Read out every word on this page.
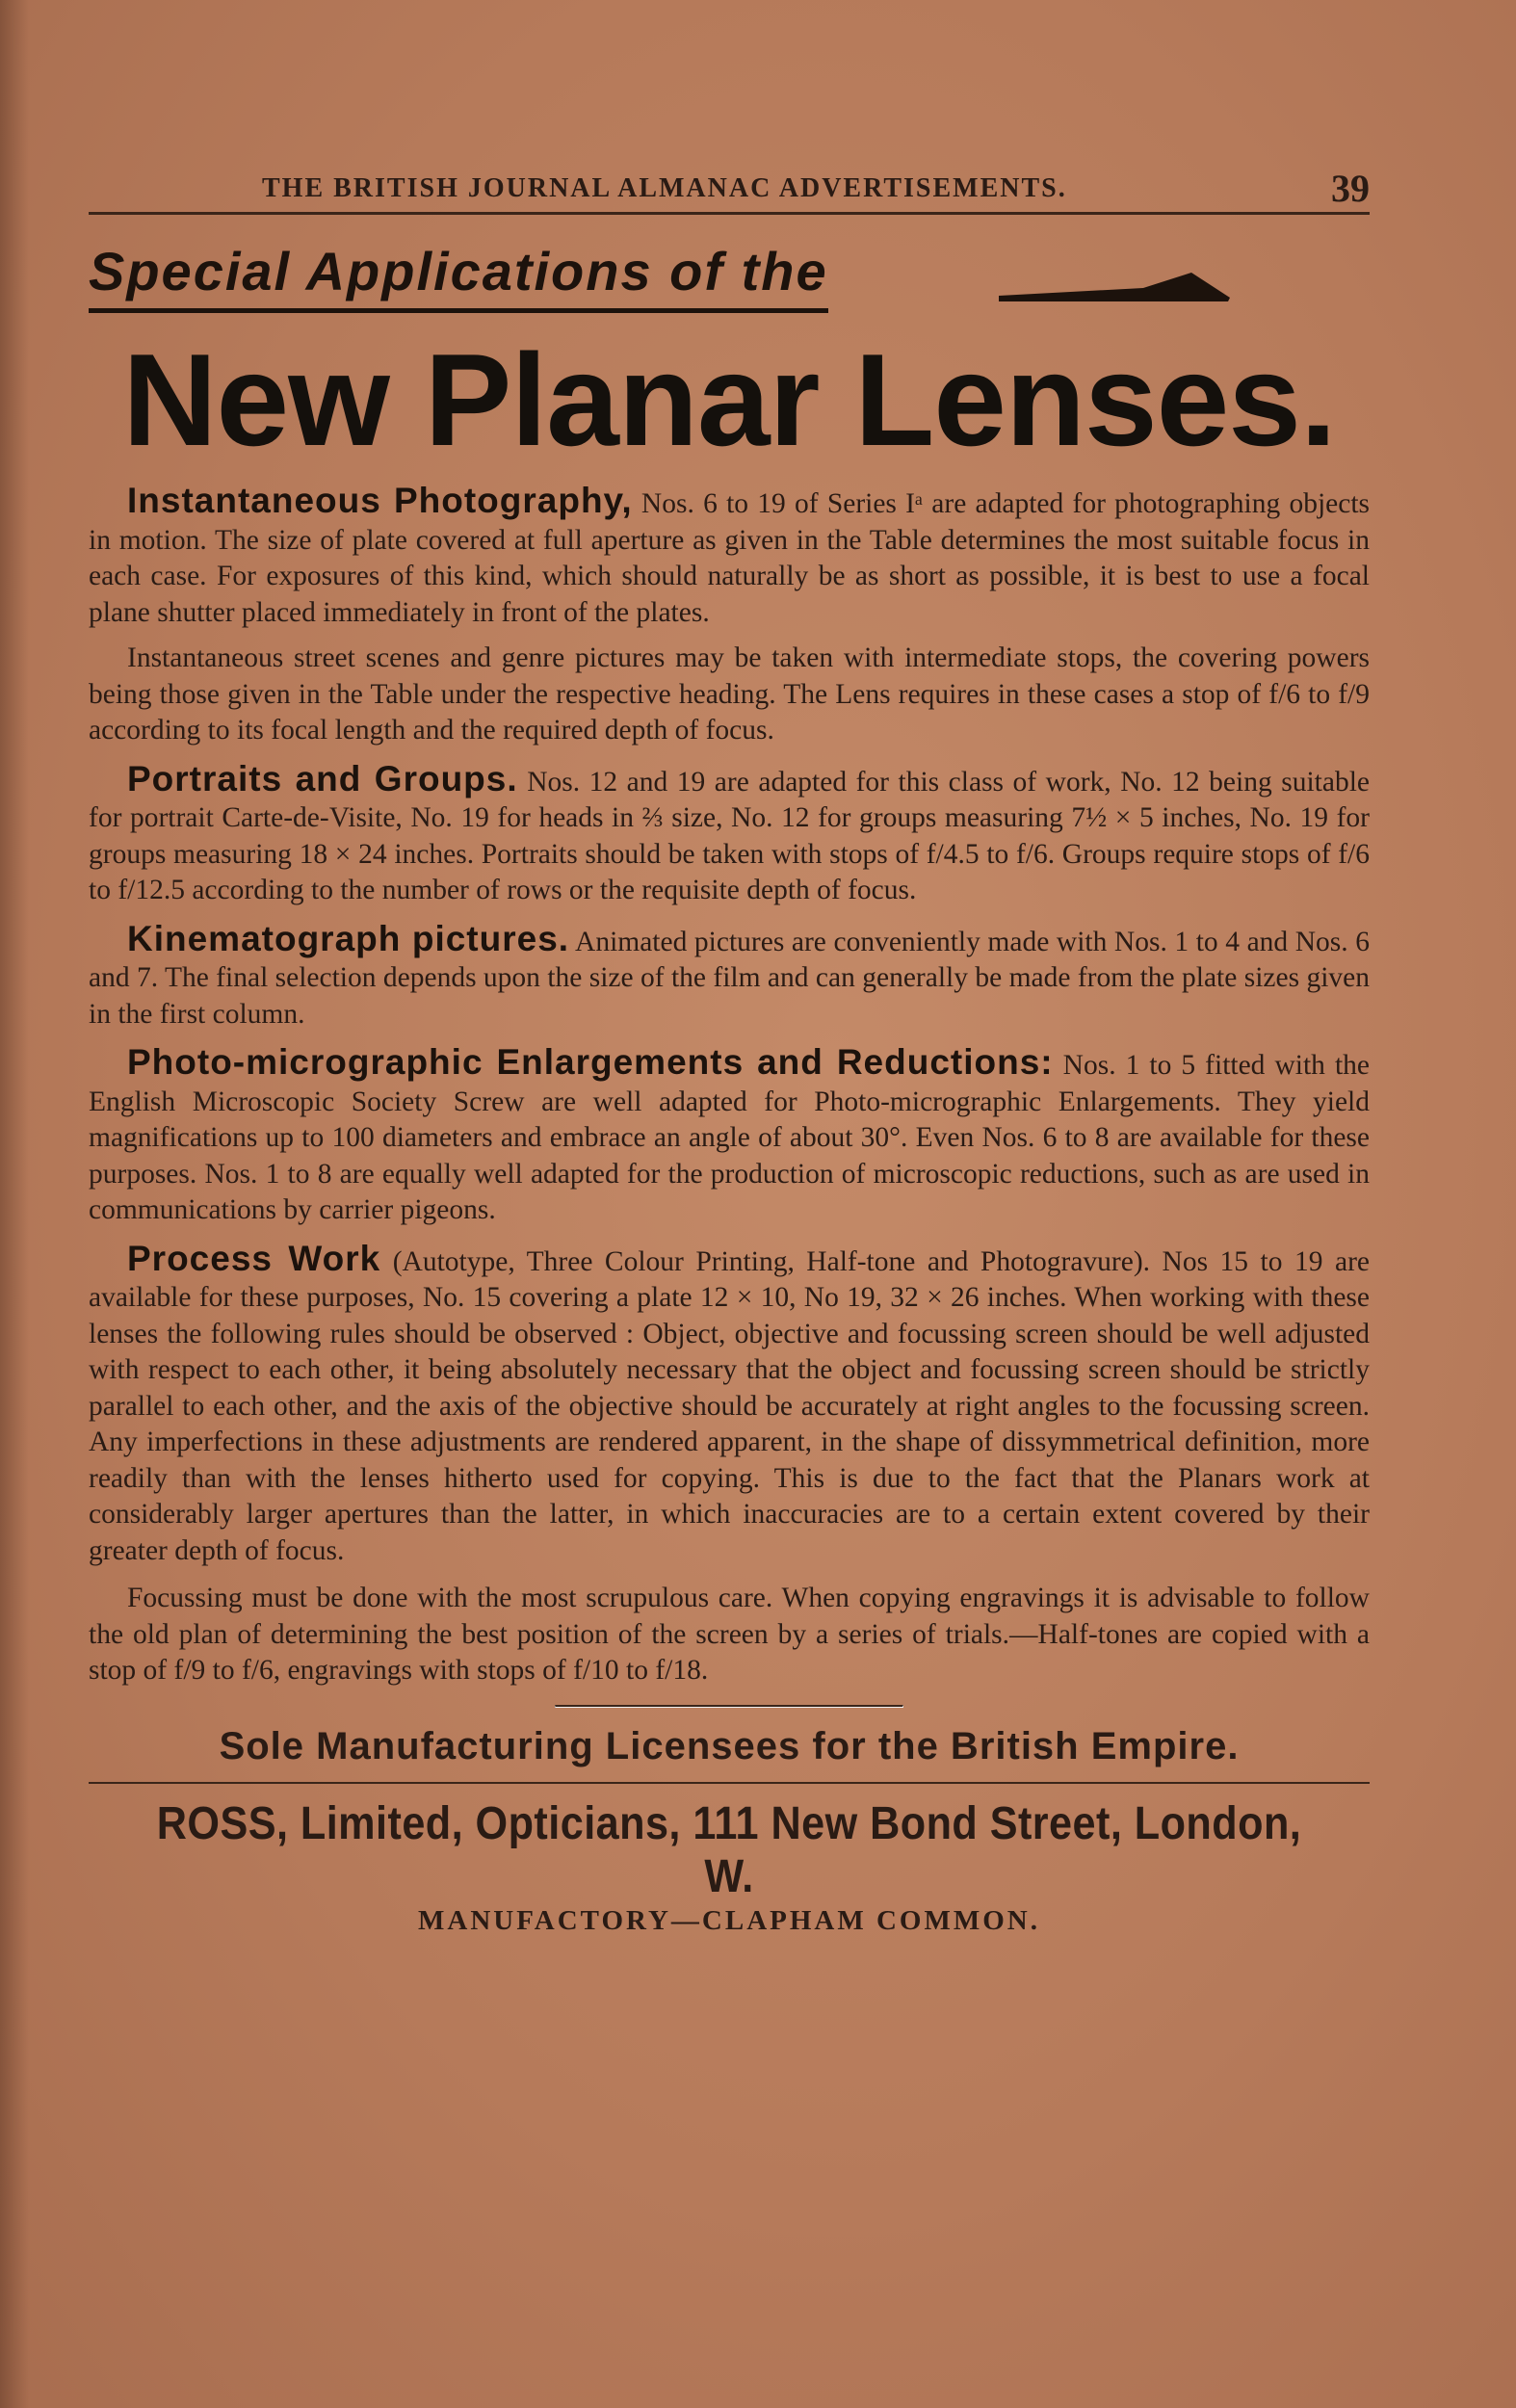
THE BRITISH JOURNAL ALMANAC ADVERTISEMENTS.	39
Special Applications of the
New Planar Lenses.

Instantaneous Photography, Nos. 6 to 19 of Series Iᵃ are adapted for photographing objects in motion. The size of plate covered at full aperture as given in the Table determines the most suitable focus in each case. For exposures of this kind, which should naturally be as short as possible, it is best to use a focal plane shutter placed immediately in front of the plates.

Instantaneous street scenes and genre pictures may be taken with intermediate stops, the covering powers being those given in the Table under the respective heading. The Lens requires in these cases a stop of f/6 to f/9 according to its focal length and the required depth of focus.

Portraits and Groups. Nos. 12 and 19 are adapted for this class of work, No. 12 being suitable for portrait Carte-de-Visite, No. 19 for heads in ⅔ size, No. 12 for groups measuring 7½ × 5 inches, No. 19 for groups measuring 18 × 24 inches. Portraits should be taken with stops of f/4.5 to f/6. Groups require stops of f/6 to f/12.5 according to the number of rows or the requisite depth of focus.

Kinematograph pictures. Animated pictures are conveniently made with Nos. 1 to 4 and Nos. 6 and 7. The final selection depends upon the size of the film and can generally be made from the plate sizes given in the first column.

Photo-micrographic Enlargements and Reductions: Nos. 1 to 5 fitted with the English Microscopic Society Screw are well adapted for Photo-micrographic Enlargements. They yield magnifications up to 100 diameters and embrace an angle of about 30°. Even Nos. 6 to 8 are available for these purposes. Nos. 1 to 8 are equally well adapted for the production of microscopic reductions, such as are used in communications by carrier pigeons.

Process Work (Autotype, Three Colour Printing, Half-tone and Photogravure). Nos 15 to 19 are available for these purposes, No. 15 covering a plate 12 × 10, No 19, 32 × 26 inches. When working with these lenses the following rules should be observed : Object, objective and focussing screen should be well adjusted with respect to each other, it being absolutely necessary that the object and focussing screen should be strictly parallel to each other, and the axis of the objective should be accurately at right angles to the focussing screen. Any imperfections in these adjustments are rendered apparent, in the shape of dissymmetrical definition, more readily than with the lenses hitherto used for copying. This is due to the fact that the Planars work at considerably larger apertures than the latter, in which inaccuracies are to a certain extent covered by their greater depth of focus.

Focussing must be done with the most scrupulous care. When copying engravings it is advisable to follow the old plan of determining the best position of the screen by a series of trials.—Half-tones are copied with a stop of f/9 to f/6, engravings with stops of f/10 to f/18.

Sole Manufacturing Licensees for the British Empire.

ROSS, Limited, Opticians, 111 New Bond Street, London, W.

MANUFACTORY—CLAPHAM COMMON.
